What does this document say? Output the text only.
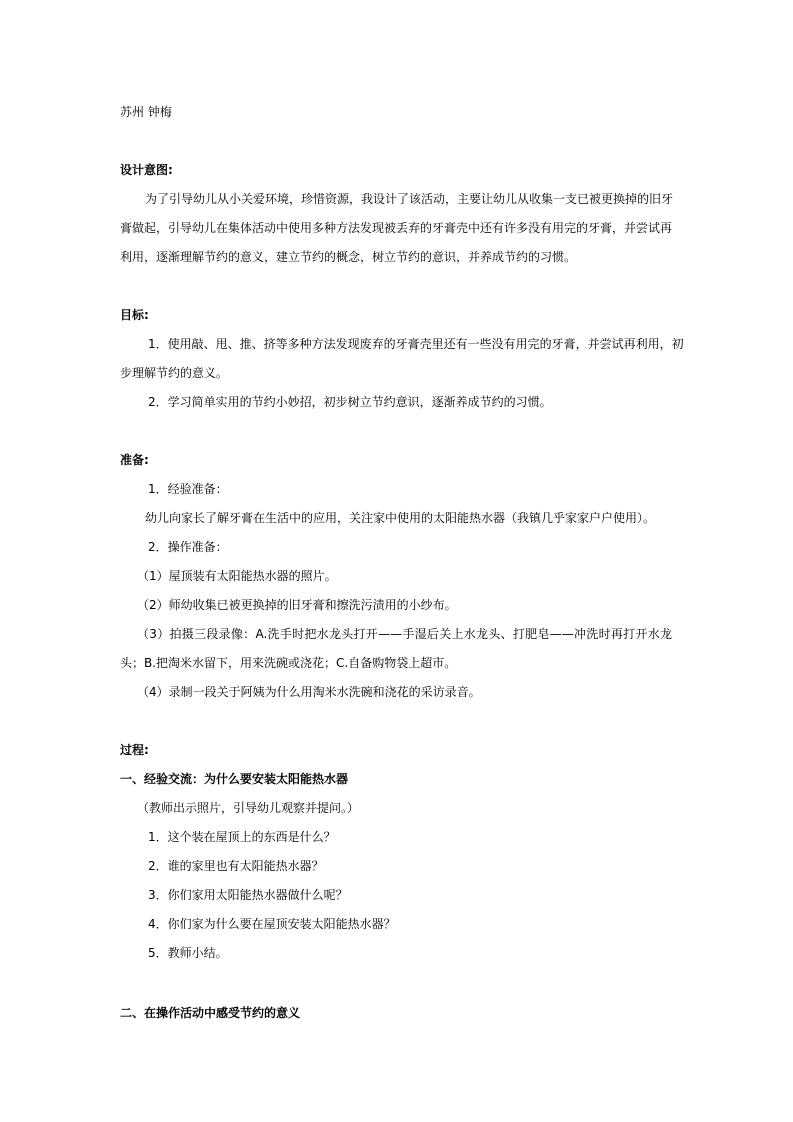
苏州 钟梅
设计意图:
为了引导幼儿从小关爱环境，珍惜资源，我设计了该活动，主要让幼儿从收集一支已被更换掉的旧牙
膏做起，引导幼儿在集体活动中使用多种方法发现被丢弃的牙膏壳中还有许多没有用完的牙膏，并尝试再
利用，逐渐理解节约的意义，建立节约的概念，树立节约的意识，并养成节约的习惯。
目标:
1．使用敲、甩、推、挤等多种方法发现废弃的牙膏壳里还有一些没有用完的牙膏，并尝试再利用，初
步理解节约的意义。
2．学习简单实用的节约小妙招，初步树立节约意识，逐渐养成节约的习惯。
准备:
1．经验准备：
幼儿向家长了解牙膏在生活中的应用，关注家中使用的太阳能热水器（我镇几乎家家户户使用）。
2．操作准备：
（1）屋顶装有太阳能热水器的照片。
（2）师幼收集已被更换掉的旧牙膏和擦洗污渍用的小纱布。
（3）拍摄三段录像：A.洗手时把水龙头打开——手湿后关上水龙头、打肥皂——冲洗时再打开水龙
头；B.把淘米水留下，用来洗碗或浇花；C.自备购物袋上超市。
（4）录制一段关于阿姨为什么用淘米水洗碗和浇花的采访录音。
过程:
一、经验交流：为什么要安装太阳能热水器
（教师出示照片，引导幼儿观察并提问。）
1．这个装在屋顶上的东西是什么？
2．谁的家里也有太阳能热水器？
3．你们家用太阳能热水器做什么呢？
4．你们家为什么要在屋顶安装太阳能热水器？
5．教师小结。
二、在操作活动中感受节约的意义
